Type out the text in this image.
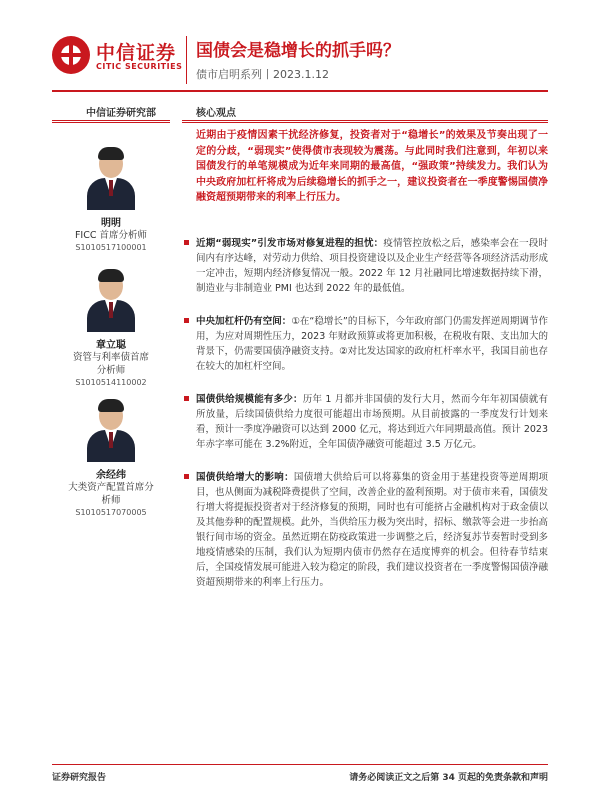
中信证券
CITIC SECURITIES
国债会是稳增长的抓手吗？
债市启明系列丨2023.1.12
中信证券研究部
明明
FICC 首席分析师
S1010517100001
章立聪
资管与利率债首席分析师
S1010514110002
余经纬
大类资产配置首席分析师
S1010517070005
核心观点
近期由于疫情因素干扰经济修复，投资者对于“稳增长”的效果及节奏出现了一定的分歧，“弱现实”使得债市表现较为震荡。与此同时我们注意到，年初以来国债发行的单笔规模成为近年来同期的最高值，“强政策”持续发力。我们认为中央政府加杠杆将成为后续稳增长的抓手之一，建议投资者在一季度警惕国债净融资超预期带来的利率上行压力。
近期“弱现实”引发市场对修复进程的担忧：疫情管控放松之后，感染率会在一段时间内有序达峰，对劳动力供给、项目投资建设以及企业生产经营等各项经济活动形成一定冲击，短期内经济修复情况一般。2022 年 12 月社融同比增速数据持续下滑，制造业与非制造业 PMI 也达到 2022 年的最低值。
中央加杠杆仍有空间：①在“稳增长”的目标下，今年政府部门仍需发挥逆周期调节作用，为应对周期性压力，2023 年财政预算或将更加积极，在税收有限、支出加大的背景下，仍需要国债净融资支持。②对比发达国家的政府杠杆率水平，我国目前也存在较大的加杠杆空间。
国债供给规模能有多少：历年 1 月都并非国债的发行大月，然而今年年初国债就有所放量，后续国债供给力度很可能超出市场预期。从目前披露的一季度发行计划来看，预计一季度净融资可以达到 2000 亿元，将达到近六年同期最高值。预计 2023 年赤字率可能在 3.2%附近，全年国债净融资可能超过 3.5 万亿元。
国债供给增大的影响：国债增大供给后可以将募集的资金用于基建投资等逆周期项目，也从侧面为减税降费提供了空间，改善企业的盈利预期。对于债市来看，国债发行增大将提振投资者对于经济修复的预期，同时也有可能挤占金融机构对于政金债以及其他券种的配置规模。此外，当供给压力极为突出时，招标、缴款等会进一步抬高银行间市场的资金。虽然近期在防疫政策进一步调整之后，经济复苏节奏暂时受到多地疫情感染的压制，我们认为短期内债市仍然存在适度博弈的机会。但待春节结束后，全国疫情发展可能进入较为稳定的阶段，我们建议投资者在一季度警惕国债净融资超预期带来的利率上行压力。
证券研究报告	请务必阅读正文之后第 34 页起的免责条款和声明
